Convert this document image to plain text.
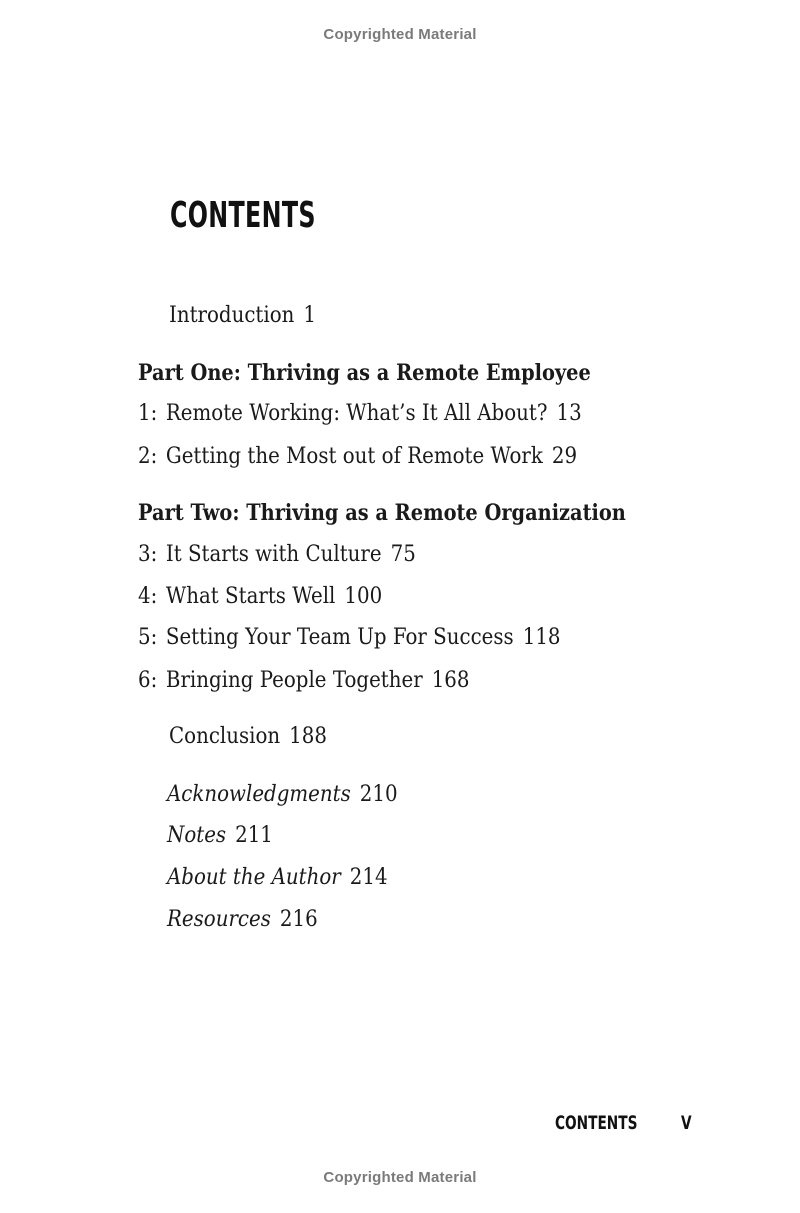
Copyrighted Material
CONTENTS
Introduction 1
Part One: Thriving as a Remote Employee
1: Remote Working: What’s It All About? 13
2: Getting the Most out of Remote Work 29
Part Two: Thriving as a Remote Organization
3: It Starts with Culture 75
4: What Starts Well 100
5: Setting Your Team Up For Success 118
6: Bringing People Together 168
Conclusion 188
Acknowledgments 210
Notes 211
About the Author 214
Resources 216
CONTENTS V
Copyrighted Material
